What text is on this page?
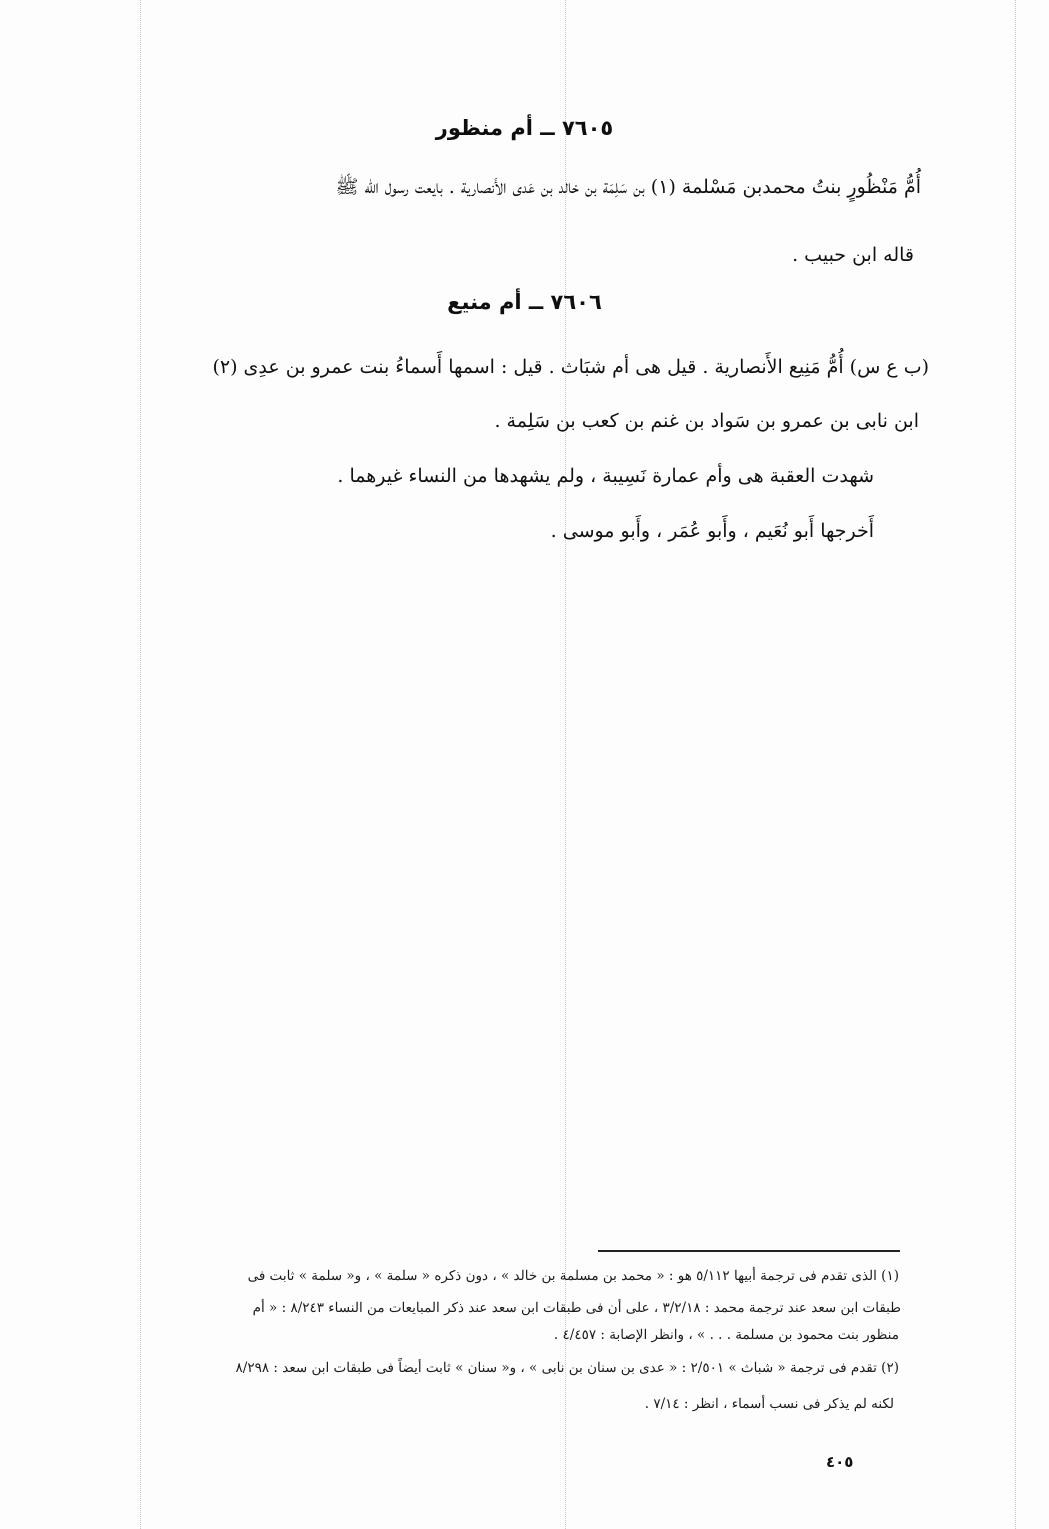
٧٦٠٥ ــ أم منظور
أُمُّ مَنْظُورٍ بنتُ محمدبن مَسْلمة (١) بن سَلِمَة بن خالد بن عَدى الأَنصارية . بايعت رسول الله ﷺ
قاله ابن حبيب .
٧٦٠٦ ــ أم منيع
(ب ع س) أُمُّ مَنِيع الأَنصارية . قيل هى أم شبَاث . قيل : اسمها أَسماءُ بنت عمرو بن عدِى (٢)
ابن نابى بن عمرو بن سَواد بن غنم بن كعب بن سَلِمة .
شهدت العقبة هى وأم عمارة نَسِيبة ، ولم يشهدها من النساء غيرهما .
أَخرجها أَبو نُعَيم ، وأَبو عُمَر ، وأَبو موسى .
(١) الذى تقدم فى ترجمة أبيها ٥/١١٢ هو : « محمد بن مسلمة بن خالد » ، دون ذكره « سلمة » ، و« سلمة » ثابت فى
طبقات ابن سعد عند ترجمة محمد : ٣/٢/١٨ ، على أن فى طبقات ابن سعد عند ذكر المبايعات من النساء ٨/٢٤٣ : « أم
منظور بنت محمود بن مسلمة . . . » ، وانظر الإصابة : ٤/٤٥٧ .
(٢) تقدم فى ترجمة « شباث » ٢/٥٠١ : « عدى بن سنان بن نابى » ، و« سنان » ثابت أيضاً فى طبقات ابن سعد : ٨/٢٩٨
لكنه لم يذكر فى نسب أسماء ، انظر : ٧/١٤ .
٤٠٥
